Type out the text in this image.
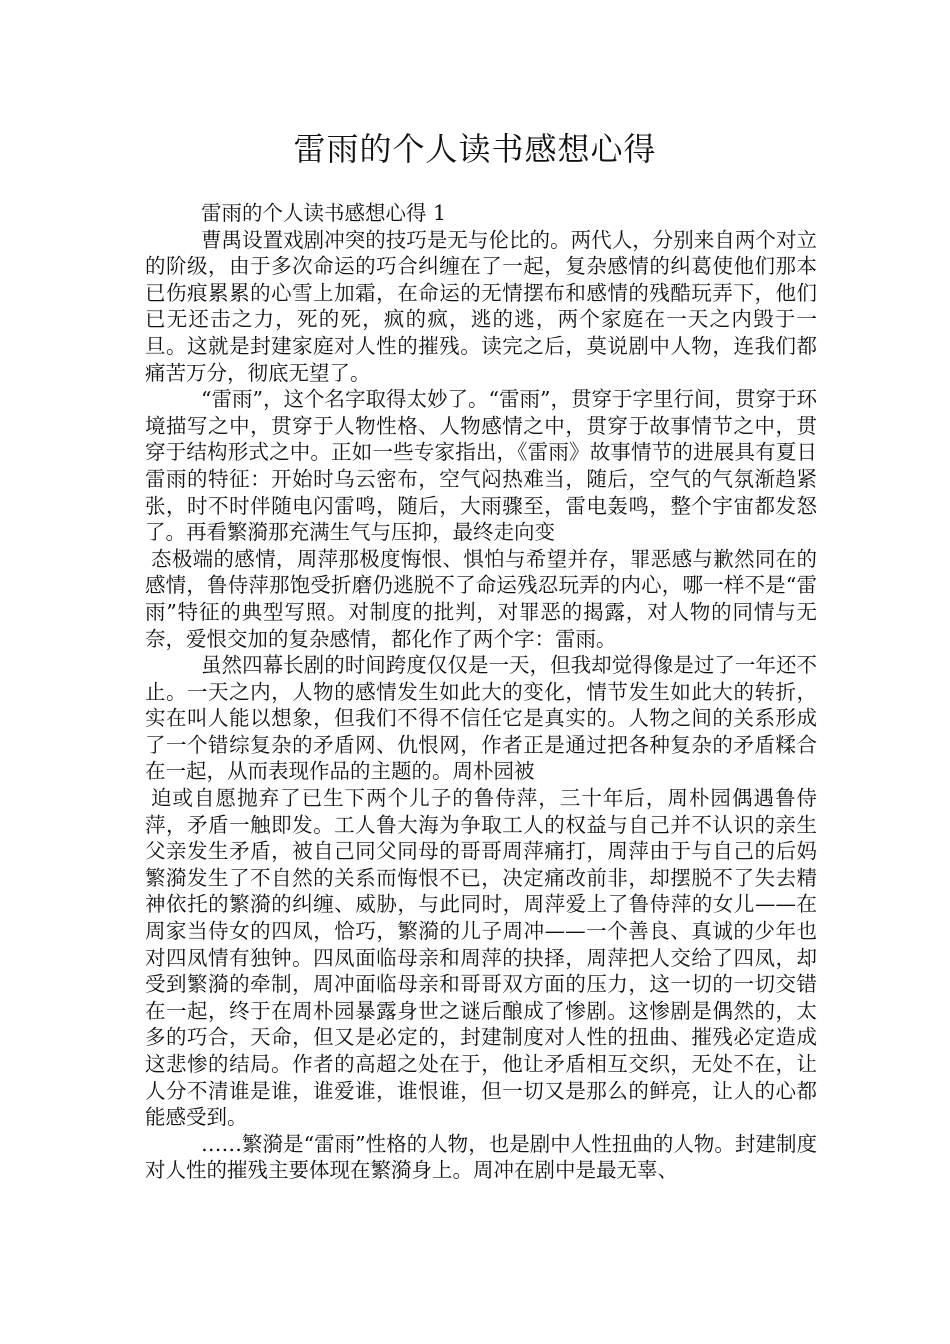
雷雨的个人读书感想心得

雷雨的个人读书感想心得 1

曹禺设置戏剧冲突的技巧是无与伦比的。两代人，分别来自两个对立的阶级，由于多次命运的巧合纠缠在了一起，复杂感情的纠葛使他们那本已伤痕累累的心雪上加霜，在命运的无情摆布和感情的残酷玩弄下，他们已无还击之力，死的死，疯的疯，逃的逃，两个家庭在一天之内毁于一旦。这就是封建家庭对人性的摧残。读完之后，莫说剧中人物，连我们都痛苦万分，彻底无望了。

“雷雨”，这个名字取得太妙了。“雷雨”，贯穿于字里行间，贯穿于环境描写之中，贯穿于人物性格、人物感情之中，贯穿于故事情节之中，贯穿于结构形式之中。正如一些专家指出，《雷雨》故事情节的进展具有夏日雷雨的特征：开始时乌云密布，空气闷热难当，随后，空气的气氛渐趋紧张，时不时伴随电闪雷鸣，随后，大雨骤至，雷电轰鸣，整个宇宙都发怒了。再看繁漪那充满生气与压抑，最终走向变

态极端的感情，周萍那极度悔恨、惧怕与希望并存，罪恶感与歉然同在的感情，鲁侍萍那饱受折磨仍逃脱不了命运残忍玩弄的内心，哪一样不是“雷雨”特征的典型写照。对制度的批判，对罪恶的揭露，对人物的同情与无奈，爱恨交加的复杂感情，都化作了两个字：雷雨。

虽然四幕长剧的时间跨度仅仅是一天，但我却觉得像是过了一年还不止。一天之内，人物的感情发生如此大的变化，情节发生如此大的转折，实在叫人能以想象，但我们不得不信任它是真实的。人物之间的关系形成了一个错综复杂的矛盾网、仇恨网，作者正是通过把各种复杂的矛盾糅合在一起，从而表现作品的主题的。周朴园被

迫或自愿抛弃了已生下两个儿子的鲁侍萍，三十年后，周朴园偶遇鲁侍萍，矛盾一触即发。工人鲁大海为争取工人的权益与自己并不认识的亲生父亲发生矛盾，被自己同父同母的哥哥周萍痛打，周萍由于与自己的后妈繁漪发生了不自然的关系而悔恨不已，决定痛改前非，却摆脱不了失去精神依托的繁漪的纠缠、威胁，与此同时，周萍爱上了鲁侍萍的女儿——在周家当侍女的四凤，恰巧，繁漪的儿子周冲——一个善良、真诚的少年也对四凤情有独钟。四凤面临母亲和周萍的抉择，周萍把人交给了四凤，却受到繁漪的牵制，周冲面临母亲和哥哥双方面的压力，这一切的一切交错在一起，终于在周朴园暴露身世之谜后酿成了惨剧。这惨剧是偶然的，太多的巧合，天命，但又是必定的，封建制度对人性的扭曲、摧残必定造成这悲惨的结局。作者的高超之处在于，他让矛盾相互交织，无处不在，让人分不清谁是谁，谁爱谁，谁恨谁，但一切又是那么的鲜亮，让人的心都能感受到。

……繁漪是“雷雨”性格的人物，也是剧中人性扭曲的人物。封建制度对人性的摧残主要体现在繁漪身上。周冲在剧中是最无辜、
